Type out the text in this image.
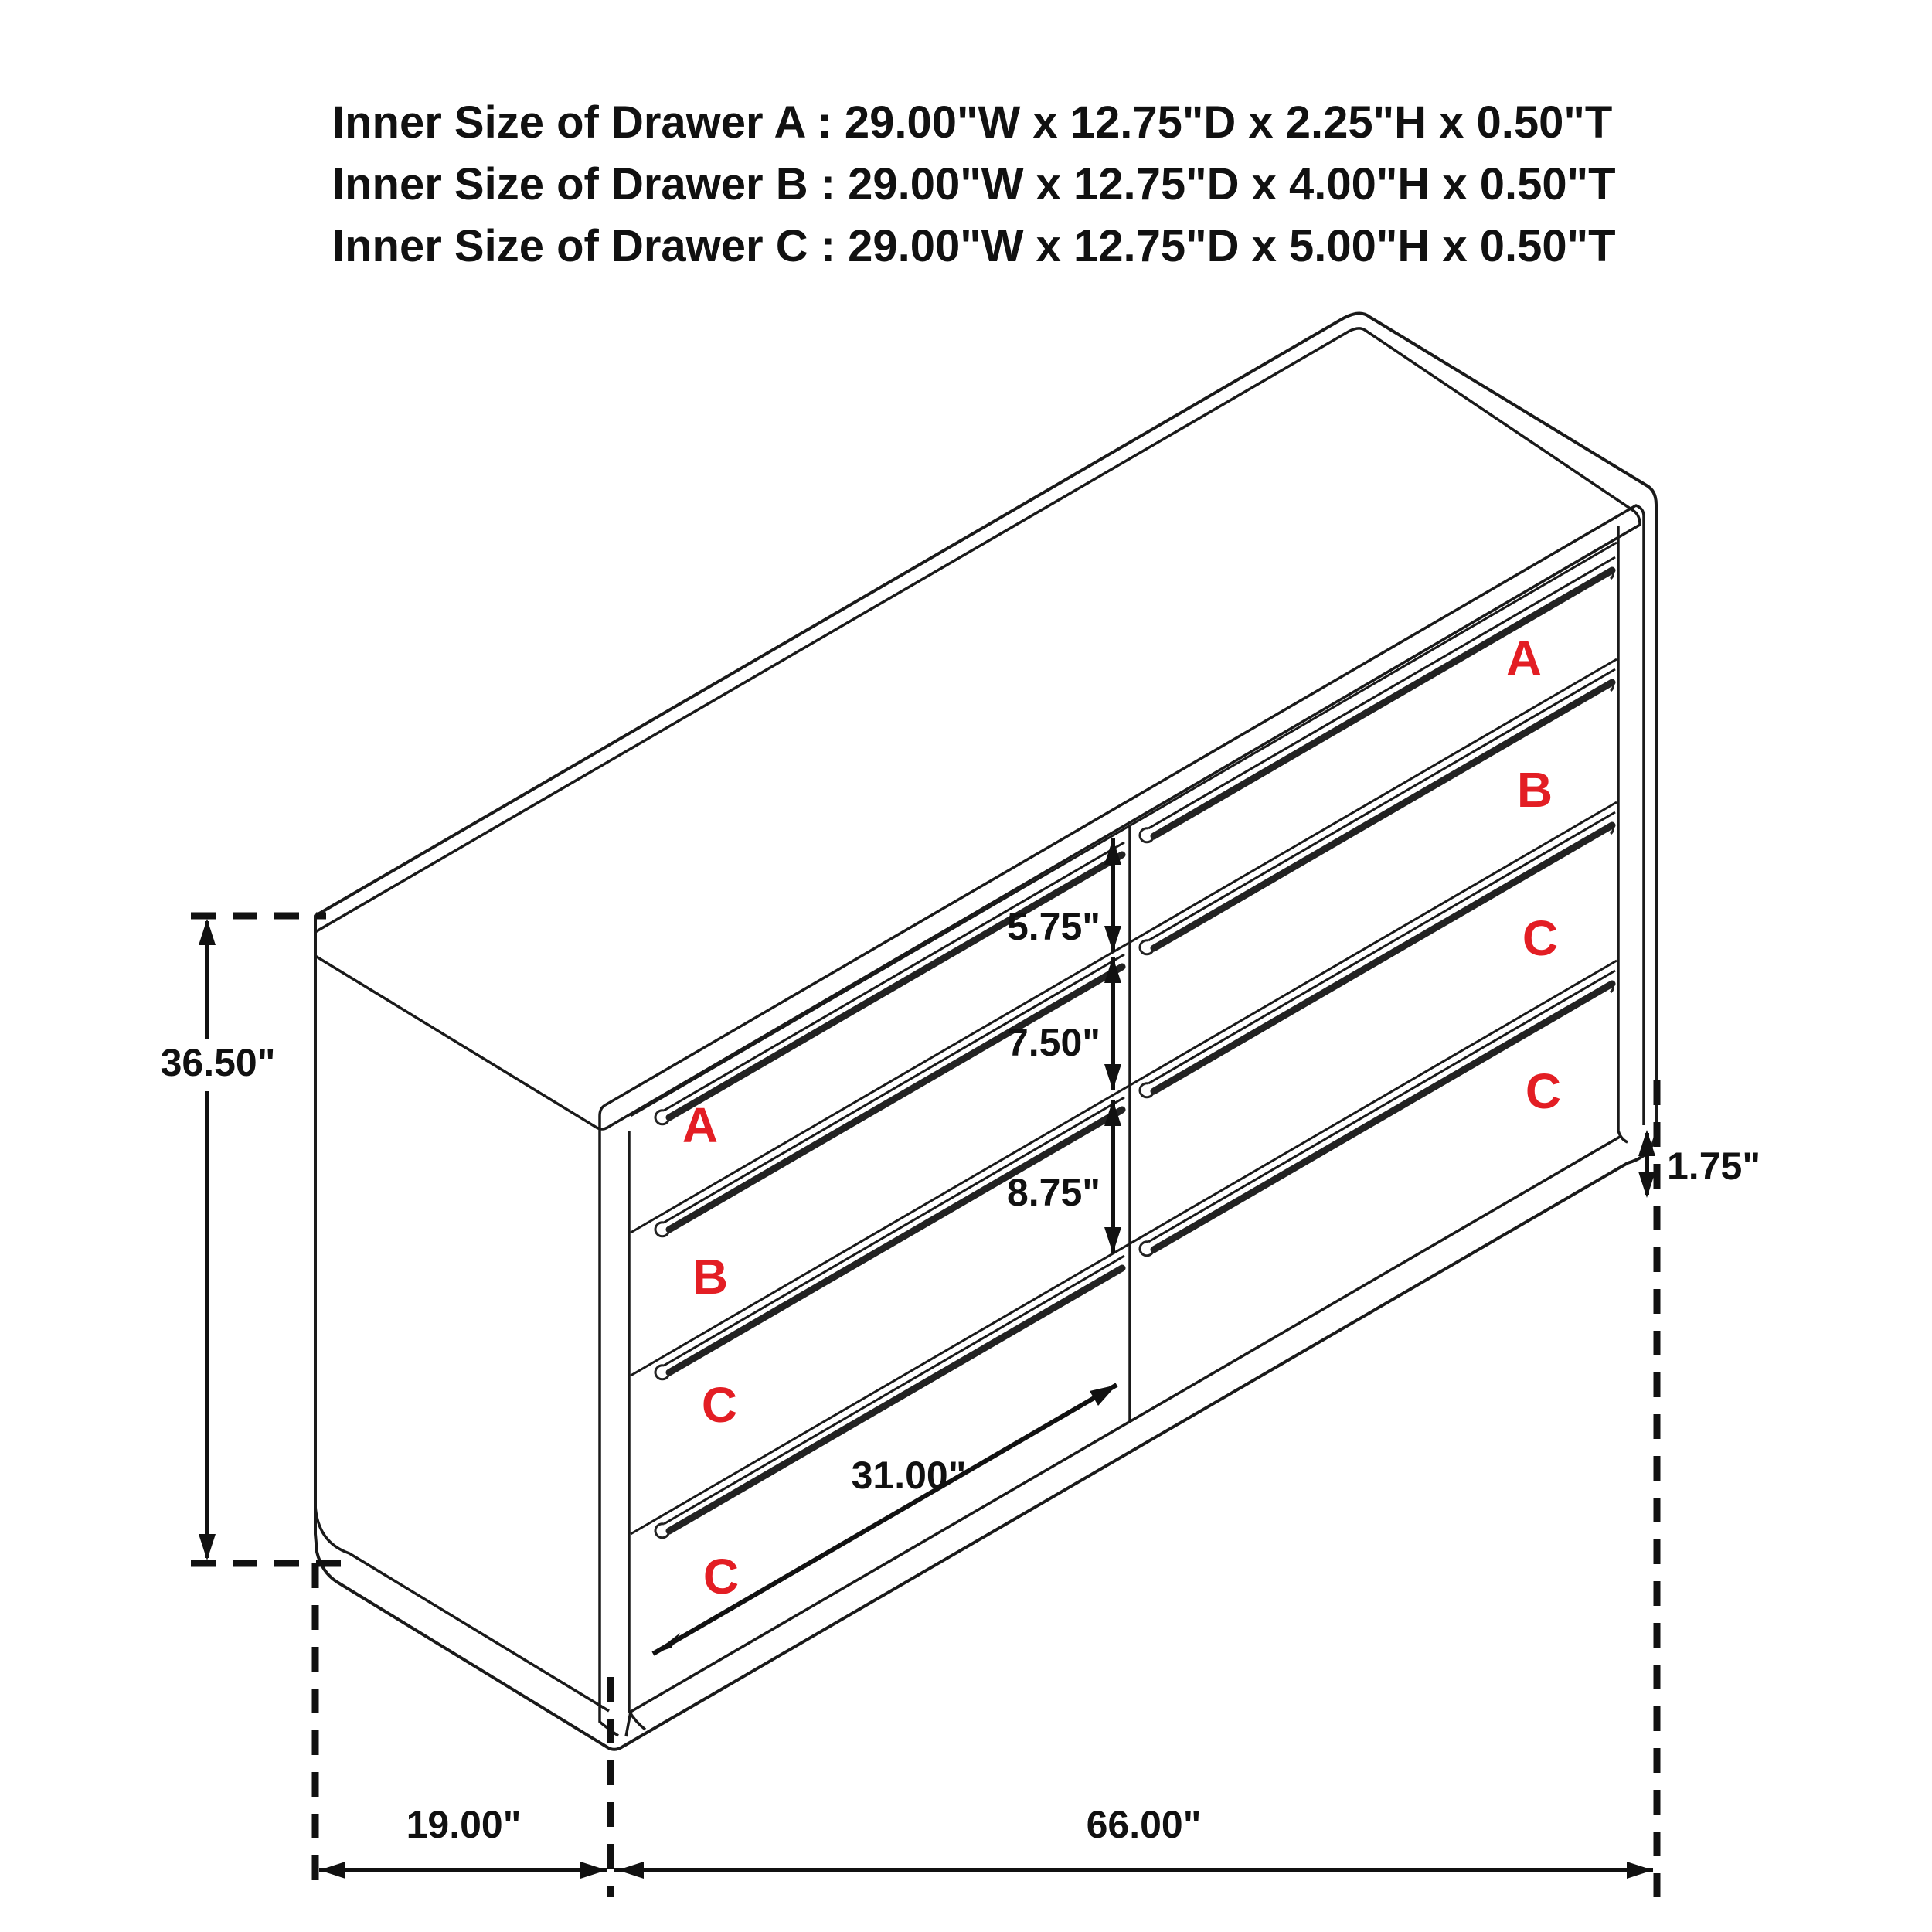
Inner Size of Drawer A : 29.00"W x 12.75"D x 2.25"H x 0.50"T
Inner Size of Drawer B : 29.00"W x 12.75"D x 4.00"H x 0.50"T
Inner Size of Drawer C : 29.00"W x 12.75"D x 5.00"H x 0.50"T
A
B
C
C
A
B
C
C
36.50"
5.75"
7.50"
8.75"
31.00"
1.75"
19.00"	66.00"
